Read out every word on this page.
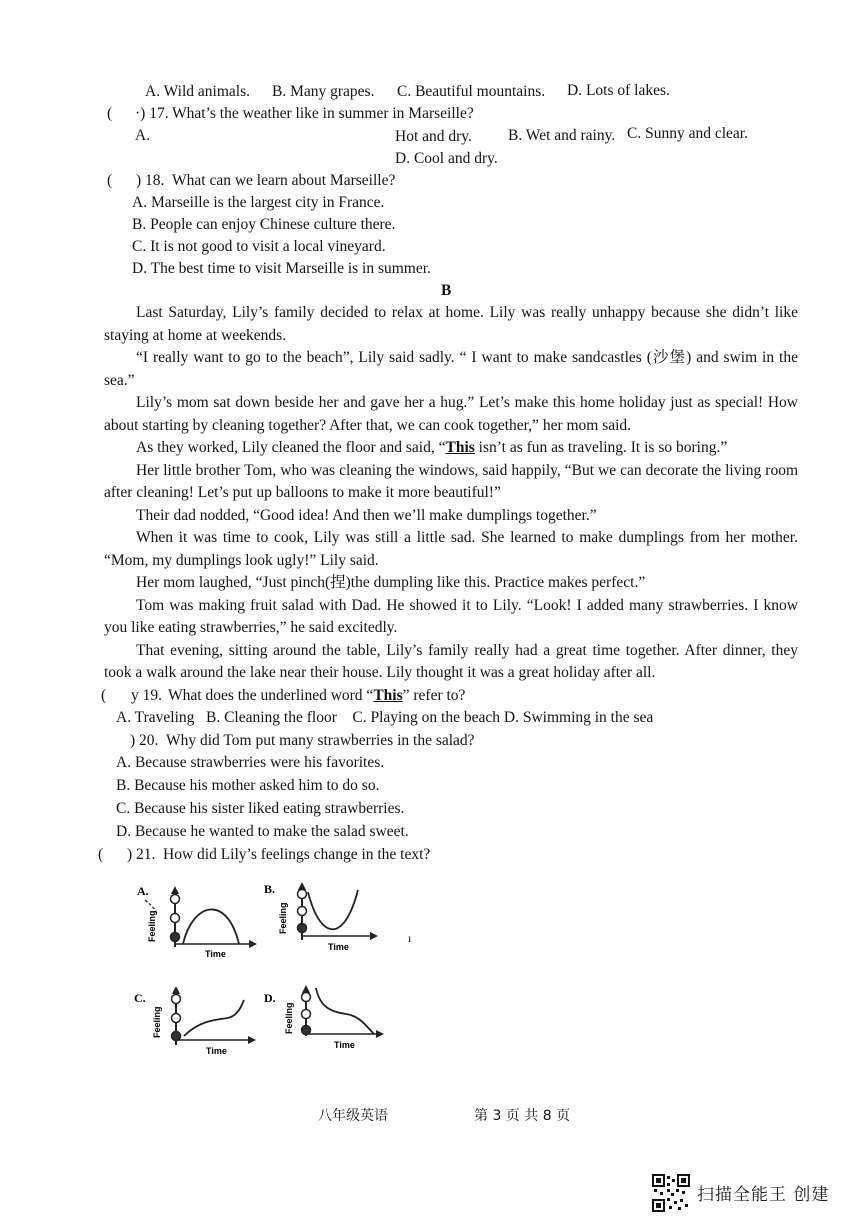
A. Wild animals. B. Many grapes. C. Beautiful mountains. D. Lots of lakes.
( ·) 17. What’s the weather like in summer in Marseille?
A.	Hot and dry. B. Wet and rainy. C. Sunny and clear.
D. Cool and dry.
( ) 18. What can we learn about Marseille?
A. Marseille is the largest city in France.
B. People can enjoy Chinese culture there.
C. It is not good to visit a local vineyard.
D. The best time to visit Marseille is in summer.
B

Last Saturday, Lily’s family decided to relax at home. Lily was really unhappy because she didn’t like staying at home at weekends.

“I really want to go to the beach”, Lily said sadly. “ I want to make sandcastles (沙堡) and swim in the sea.”

Lily’s mom sat down beside her and gave her a hug.” Let’s make this home holiday just as special! How about starting by cleaning together? After that, we can cook together,” her mom said.

As they worked, Lily cleaned the floor and said, “This isn’t as fun as traveling. It is so boring.”

Her little brother Tom, who was cleaning the windows, said happily, “But we can decorate the living room after cleaning! Let’s put up balloons to make it more beautiful!”

Their dad nodded, “Good idea! And then we’ll make dumplings together.”

When it was time to cook, Lily was still a little sad. She learned to make dumplings from her mother. “Mom, my dumplings look ugly!” Lily said.

Her mom laughed, “Just pinch(捏)the dumpling like this. Practice makes perfect.”

Tom was making fruit salad with Dad. He showed it to Lily. “Look! I added many strawberries. I know you like eating strawberries,” he said excitedly.

That evening, sitting around the table, Lily’s family really had a great time together. After dinner, they took a walk around the lake near their house. Lily thought it was a great holiday after all.

( y 19. What does the underlined word “This” refer to?
A. Traveling   B. Cleaning the floor    C. Playing on the beach D. Swimming in the sea
) 20. Why did Tom put many strawberries in the salad?
A. Because strawberries were his favorites.
B. Because his mother asked him to do so.
C. Because his sister liked eating strawberries.
D. Because he wanted to make the salad sweet.
( ) 21. How did Lily’s feelings change in the text?
A.
Feeling
Time
B.
Feeling
Time
ı
C.
Feeling
Time
D.
Feeling
Time
八年级英语	第 3 页 共 8 页
扫描全能王 创建
